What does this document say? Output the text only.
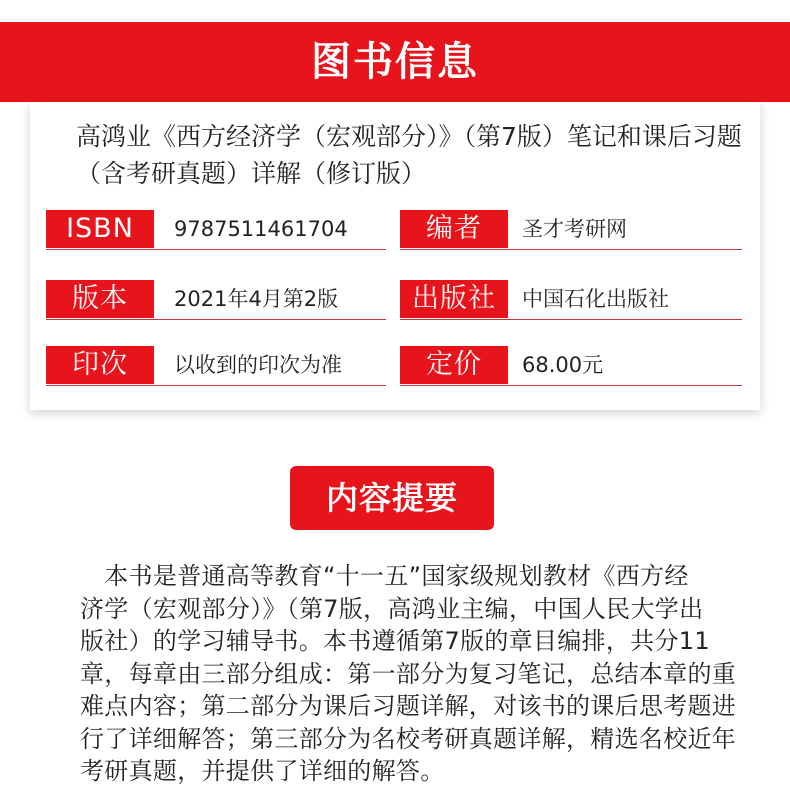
图书信息
高鸿业《西方经济学（宏观部分）》（第7版）笔记和课后习题（含考研真题）详解（修订版）
ISBN	9787511461704	编者	圣才考研网
版本	2021年4月第2版	出版社	中国石化出版社
印次	以收到的印次为准	定价	68.00元
内容提要
　本书是普通高等教育“十一五”国家级规划教材《西方经
济学（宏观部分）》（第7版，高鸿业主编，中国人民大学出
版社）的学习辅导书。本书遵循第7版的章目编排，共分11
章，每章由三部分组成：第一部分为复习笔记，总结本章的重
难点内容；第二部分为课后习题详解，对该书的课后思考题进
行了详细解答；第三部分为名校考研真题详解，精选名校近年
考研真题，并提供了详细的解答。
